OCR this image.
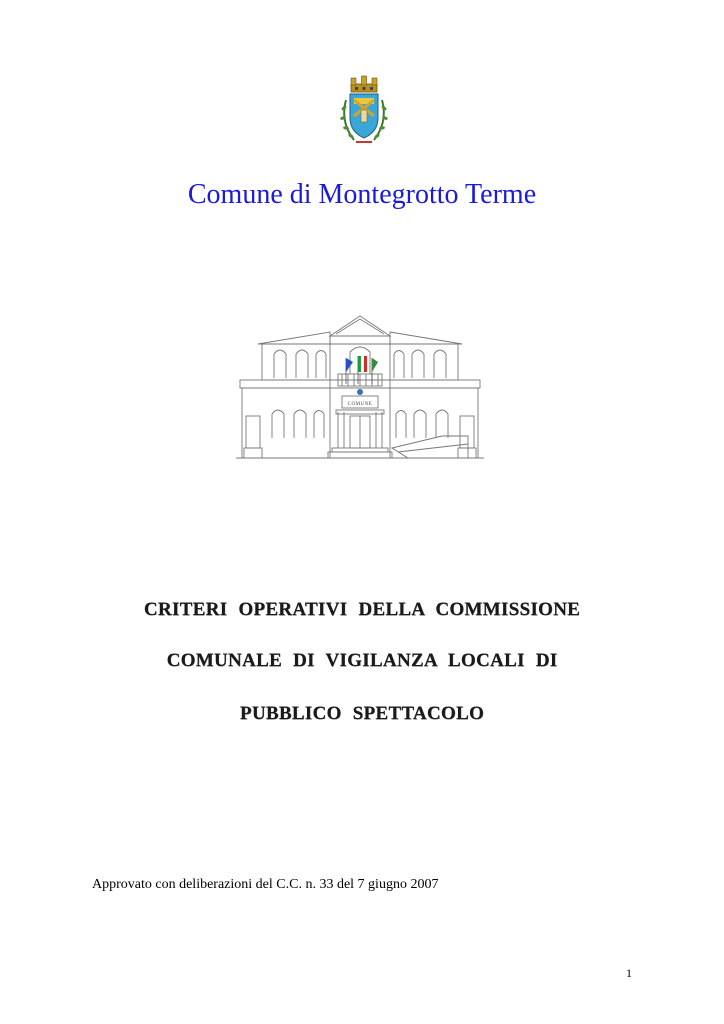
Comune di Montegrotto Terme
COMUNE
CRITERI OPERATIVI DELLA COMMISSIONE
COMUNALE DI VIGILANZA LOCALI DI
PUBBLICO SPETTACOLO
Approvato con deliberazioni del C.C. n. 33 del 7 giugno 2007
1
